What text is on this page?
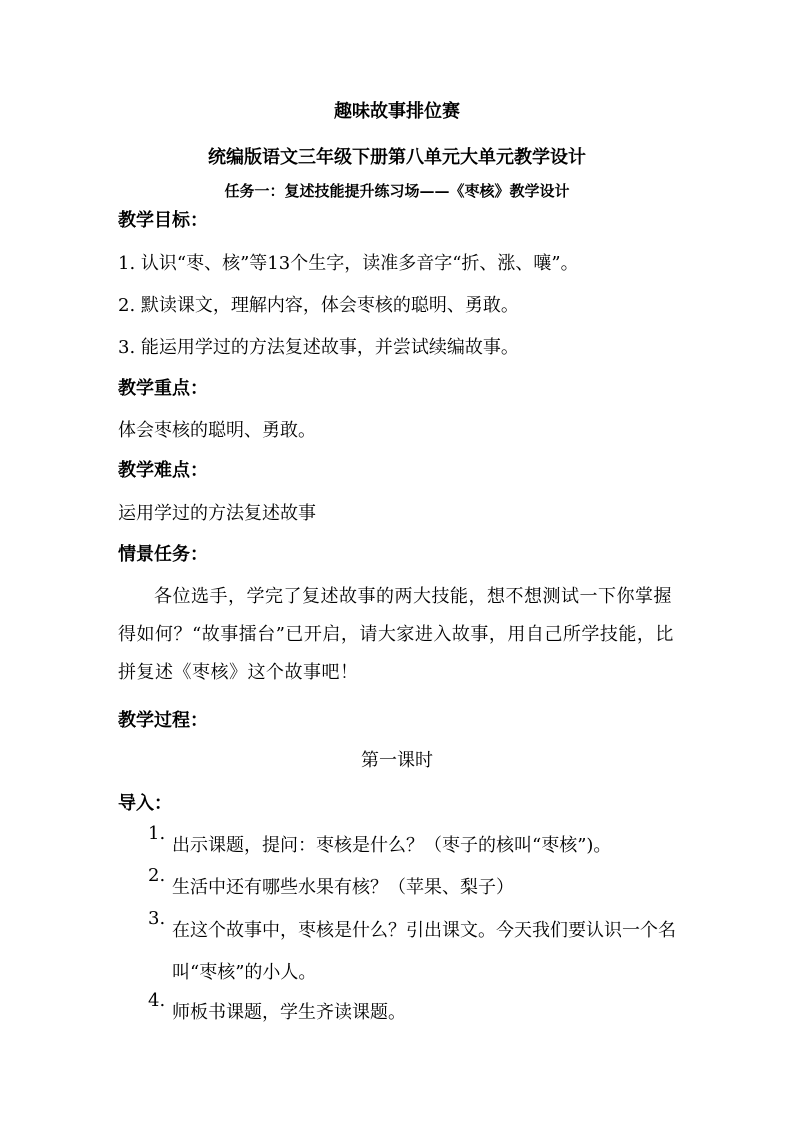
趣味故事排位赛
统编版语文三年级下册第八单元大单元教学设计
任务一：复述技能提升练习场——《枣核》教学设计
教学目标：
1. 认识“枣、核”等13个生字，读准多音字“折、涨、嚷”。
2. 默读课文，理解内容，体会枣核的聪明、勇敢。
3. 能运用学过的方法复述故事，并尝试续编故事。
教学重点：
体会枣核的聪明、勇敢。
教学难点：
运用学过的方法复述故事
情景任务：
各位选手，学完了复述故事的两大技能，想不想测试一下你掌握得如何？“故事擂台”已开启，请大家进入故事，用自己所学技能，比拼复述《枣核》这个故事吧！
教学过程：
第一课时
导入：
1.出示课题，提问：枣核是什么？（枣子的核叫“枣核”)。
2.生活中还有哪些水果有核？（苹果、梨子）
3.在这个故事中，枣核是什么？引出课文。今天我们要认识一个名叫“枣核”的小人。
4.师板书课题，学生齐读课题。
